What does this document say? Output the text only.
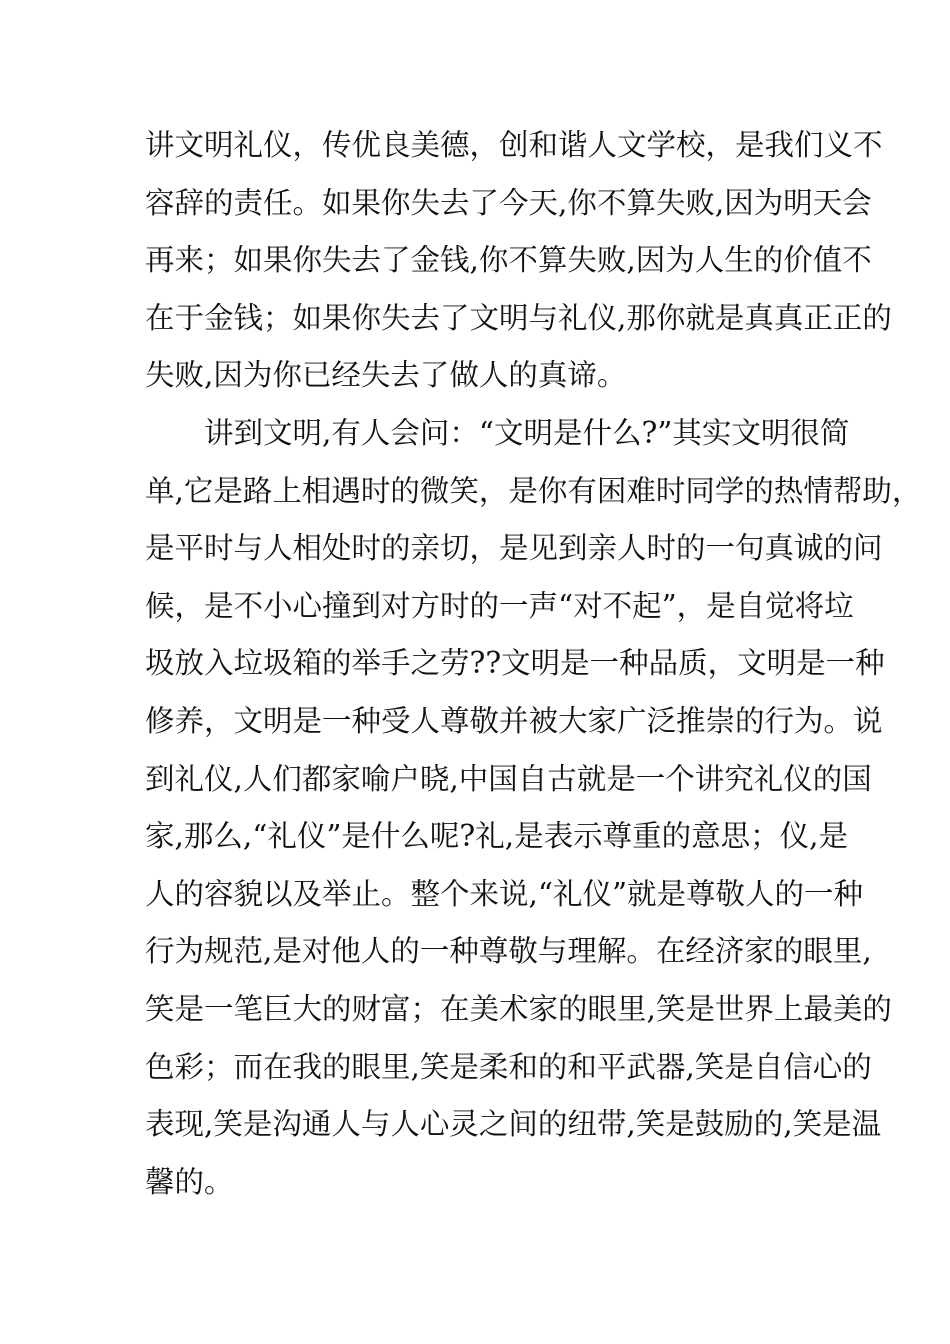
讲文明礼仪，传优良美德，创和谐人文学校，是我们义不
容辞的责任。如果你失去了今天,你不算失败,因为明天会
再来；如果你失去了金钱,你不算失败,因为人生的价值不
在于金钱；如果你失去了文明与礼仪,那你就是真真正正的
失败,因为你已经失去了做人的真谛。
讲到文明,有人会问：“文明是什么?”其实文明很简
单,它是路上相遇时的微笑，是你有困难时同学的热情帮助，
是平时与人相处时的亲切，是见到亲人时的一句真诚的问
候，是不小心撞到对方时的一声“对不起”，是自觉将垃
圾放入垃圾箱的举手之劳??文明是一种品质，文明是一种
修养，文明是一种受人尊敬并被大家广泛推崇的行为。说
到礼仪,人们都家喻户晓,中国自古就是一个讲究礼仪的国
家,那么,“礼仪”是什么呢?礼,是表示尊重的意思；仪,是
人的容貌以及举止。整个来说,“礼仪”就是尊敬人的一种
行为规范,是对他人的一种尊敬与理解。在经济家的眼里,
笑是一笔巨大的财富；在美术家的眼里,笑是世界上最美的
色彩；而在我的眼里,笑是柔和的和平武器,笑是自信心的
表现,笑是沟通人与人心灵之间的纽带,笑是鼓励的,笑是温
馨的。
